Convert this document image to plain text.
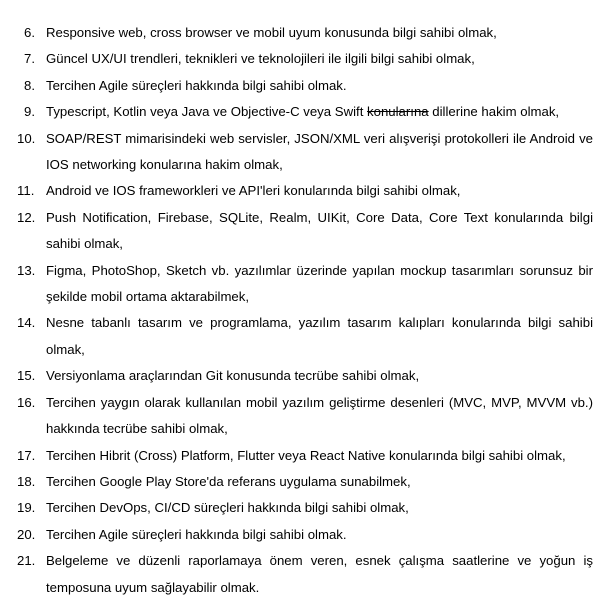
6. Responsive web, cross browser ve mobil uyum konusunda bilgi sahibi olmak,
7. Güncel UX/UI trendleri, teknikleri ve teknolojileri ile ilgili bilgi sahibi olmak,
8. Tercihen Agile süreçleri hakkında bilgi sahibi olmak.
9. Typescript, Kotlin veya Java ve Objective-C veya Swift konularına dillerine hakim olmak,
10. SOAP/REST mimarisindeki web servisler, JSON/XML veri alışverişi protokolleri ile Android ve IOS networking konularına hakim olmak,
11. Android ve IOS frameworkleri ve API'leri konularında bilgi sahibi olmak,
12. Push Notification, Firebase, SQLite, Realm, UIKit, Core Data, Core Text konularında bilgi sahibi olmak,
13. Figma, PhotoShop, Sketch vb. yazılımlar üzerinde yapılan mockup tasarımları sorunsuz bir şekilde mobil ortama aktarabilmek,
14. Nesne tabanlı tasarım ve programlama, yazılım tasarım kalıpları konularında bilgi sahibi olmak,
15. Versiyonlama araçlarından Git konusunda tecrübe sahibi olmak,
16. Tercihen yaygın olarak kullanılan mobil yazılım geliştirme desenleri (MVC, MVP, MVVM vb.) hakkında tecrübe sahibi olmak,
17. Tercihen Hibrit (Cross) Platform, Flutter veya React Native konularında bilgi sahibi olmak,
18. Tercihen Google Play Store'da referans uygulama sunabilmek,
19. Tercihen DevOps, CI/CD süreçleri hakkında bilgi sahibi olmak,
20. Tercihen Agile süreçleri hakkında bilgi sahibi olmak.
21. Belgeleme ve düzenli raporlamaya önem veren, esnek çalışma saatlerine ve yoğun iş temposuna uyum sağlayabilir olmak.
